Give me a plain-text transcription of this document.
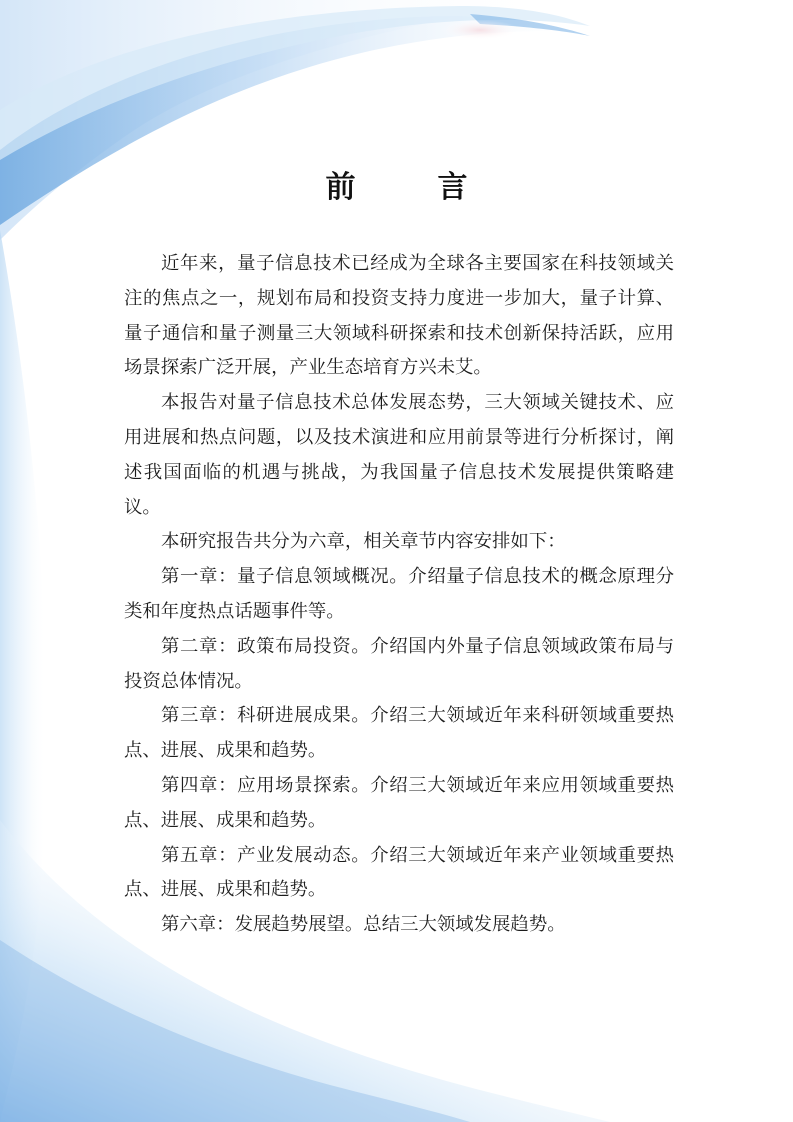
前　言

近年来，量子信息技术已经成为全球各主要国家在科技领域关注的焦点之一，规划布局和投资支持力度进一步加大，量子计算、量子通信和量子测量三大领域科研探索和技术创新保持活跃，应用场景探索广泛开展，产业生态培育方兴未艾。

本报告对量子信息技术总体发展态势，三大领域关键技术、应用进展和热点问题，以及技术演进和应用前景等进行分析探讨，阐述我国面临的机遇与挑战，为我国量子信息技术发展提供策略建议。

本研究报告共分为六章，相关章节内容安排如下：

第一章：量子信息领域概况。介绍量子信息技术的概念原理分类和年度热点话题事件等。

第二章：政策布局投资。介绍国内外量子信息领域政策布局与投资总体情况。

第三章：科研进展成果。介绍三大领域近年来科研领域重要热点、进展、成果和趋势。

第四章：应用场景探索。介绍三大领域近年来应用领域重要热点、进展、成果和趋势。

第五章：产业发展动态。介绍三大领域近年来产业领域重要热点、进展、成果和趋势。

第六章：发展趋势展望。总结三大领域发展趋势。
